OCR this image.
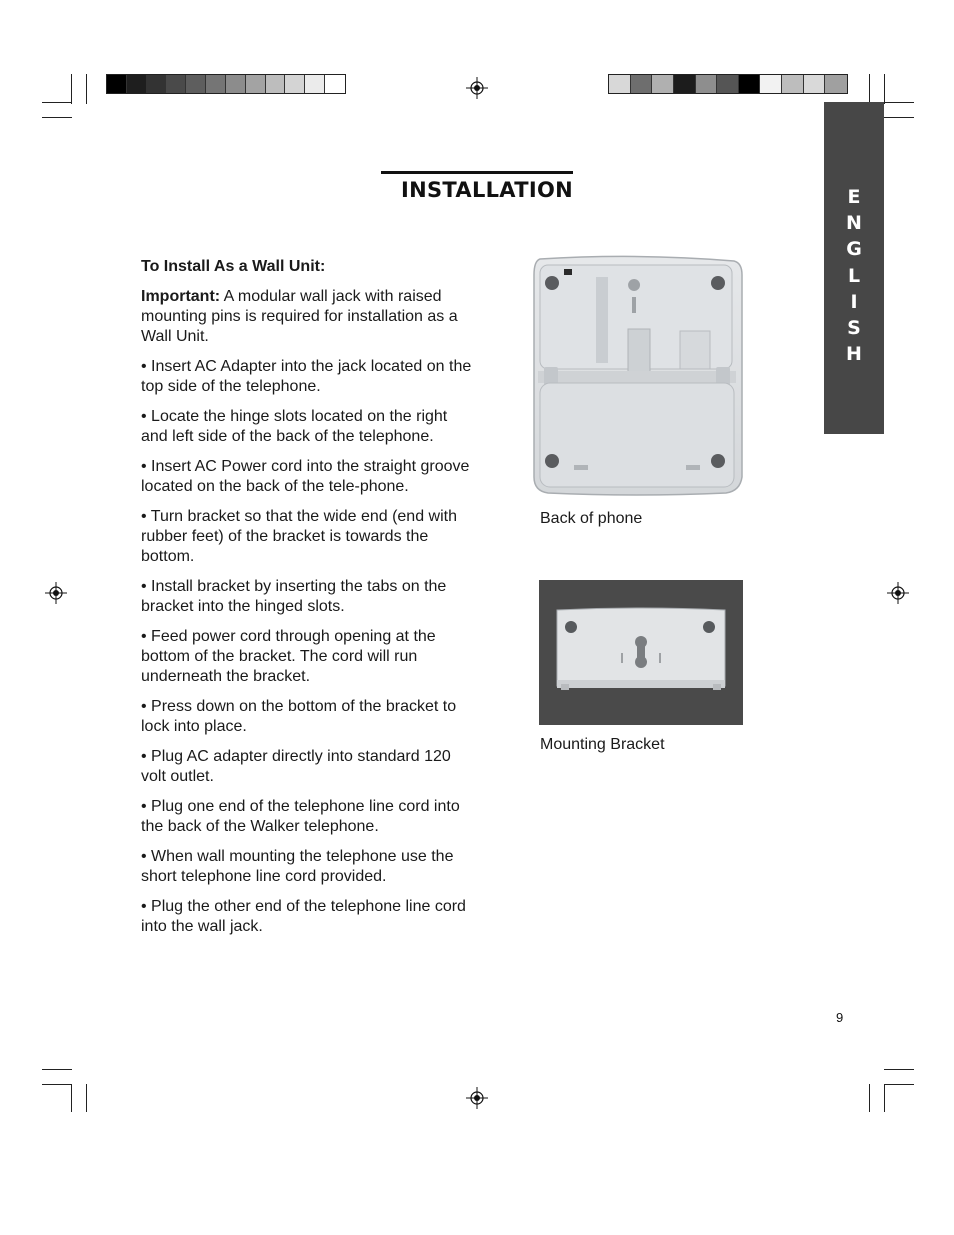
INSTALLATION	E
N
G
L
I
S
H

To Install As a Wall Unit:

Important: A modular wall jack with raised mounting pins is required for installation as a Wall Unit.

• Insert AC Adapter into the jack located on the top side of the telephone.

• Locate the hinge slots located on the right and left side of the back of the telephone.

• Insert AC Power cord into the straight groove located on the back of the tele-phone.

• Turn bracket so that the wide end (end with rubber feet) of the bracket is towards the bottom.

• Install bracket by inserting the tabs on the bracket into the hinged slots.

• Feed power cord through opening at the bottom of the bracket. The cord will run underneath the bracket.

• Press down on the bottom of the bracket to lock into place.

• Plug AC adapter directly into standard 120 volt outlet.

• Plug one end of the telephone line cord into the back of the Walker telephone.

• When wall mounting the telephone use the short telephone line cord provided.

• Plug the other end of the telephone line cord into the wall jack.

Back of phone
Mounting Bracket
9
